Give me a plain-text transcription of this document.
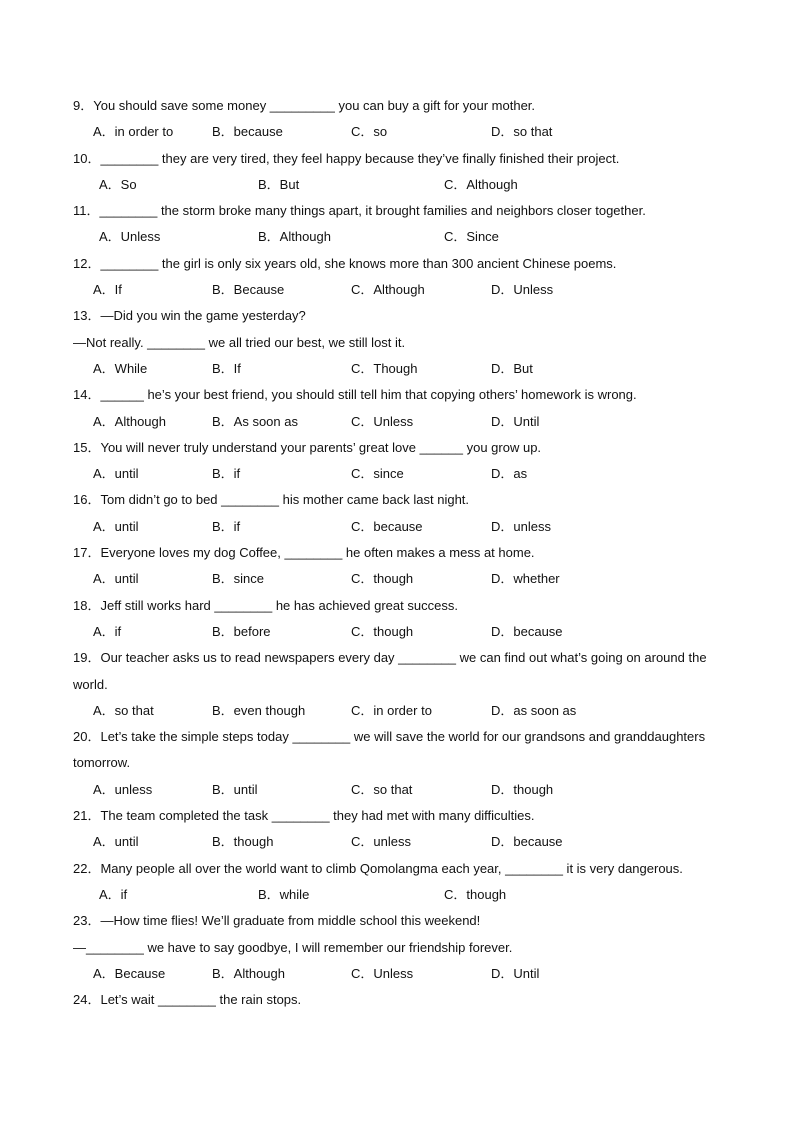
9．You should save some money _________ you can buy a gift for your mother.
A．in order to	B．because	C．so	D．so that
10．________ they are very tired, they feel happy because they’ve finally finished their project.
A．So	B．But	C．Although
11．________ the storm broke many things apart, it brought families and neighbors closer together.
A．Unless	B．Although	C．Since
12．________ the girl is only six years old, she knows more than 300 ancient Chinese poems.
A．If	B．Because	C．Although	D．Unless
13．—Did you win the game yesterday?
—Not really. ________ we all tried our best, we still lost it.
A．While	B．If	C．Though	D．But
14．______ he’s your best friend, you should still tell him that copying others’ homework is wrong.
A．Although	B．As soon as	C．Unless	D．Until
15．You will never truly understand your parents’ great love ______ you grow up.
A．until	B．if	C．since	D．as
16．Tom didn’t go to bed ________ his mother came back last night.
A．until	B．if	C．because	D．unless
17．Everyone loves my dog Coffee, ________ he often makes a mess at home.
A．until	B．since	C．though	D．whether
18．Jeff still works hard ________ he has achieved great success.
A．if	B．before	C．though	D．because
19．Our teacher asks us to read newspapers every day ________ we can find out what’s going on around the
world.
A．so that	B．even though	C．in order to	D．as soon as
20．Let’s take the simple steps today ________ we will save the world for our grandsons and granddaughters
tomorrow.
A．unless	B．until	C．so that	D．though
21．The team completed the task ________ they had met with many difficulties.
A．until	B．though	C．unless	D．because
22．Many people all over the world want to climb Qomolangma each year, ________ it is very dangerous.
A．if	B．while	C．though
23．—How time flies! We’ll graduate from middle school this weekend!
—________ we have to say goodbye, I will remember our friendship forever.
A．Because	B．Although	C．Unless	D．Until
24．Let’s wait ________ the rain stops.
